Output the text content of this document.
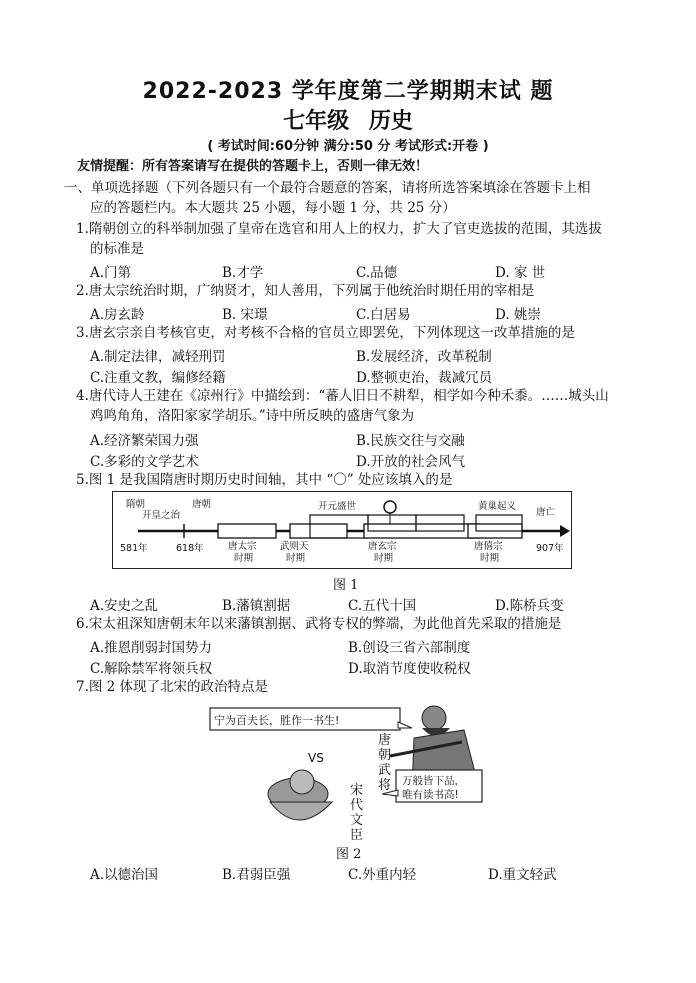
2022-2023 学年度第二学期期末试 题
七年级 历史
( 考试时间:60分钟 满分:50 分 考试形式:开卷 )
友情提醒：所有答案请写在提供的答题卡上，否则一律无效！
一、单项选择题（下列各题只有一个最符合题意的答案，请将所选答案填涂在答题卡上相
应的答题栏内。本大题共 25 小题，每小题 1 分，共 25 分）
1.隋朝创立的科举制加强了皇帝在选官和用人上的权力，扩大了官吏选拔的范围，其选拔
的标准是
A.门第	B.才学	C.品德	D. 家 世
2.唐太宗统治时期，广纳贤才，知人善用，下列属于他统治时期任用的宰相是
A.房玄龄	B. 宋璟	C.白居易	D. 姚崇
3.唐玄宗亲自考核官吏，对考核不合格的官员立即罢免，下列体现这一改革措施的是
A.制定法律，减轻刑罚	B.发展经济，改革税制
C.注重文教，编修经籍	D.整顿吏治，裁减冗员
4.唐代诗人王建在《凉州行》中描绘到：“蕃人旧日不耕犁，相学如今种禾黍。……城头山
鸡鸣角角，洛阳家家学胡乐。”诗中所反映的盛唐气象为
A.经济繁荣国力强	B.民族交往与交融
C.多彩的文学艺术	D.开放的社会风气
5.图 1 是我国隋唐时期历史时间轴，其中 “〇” 处应该填入的是
隋朝
开皇之治
唐朝	开元盛世	黄巢起义
唐亡
581年	618年	唐太宗
时期
武则天
时期
唐玄宗
时期
唐僖宗
时期
907年
图 1
A.安史之乱	B.藩镇割据	C.五代十国	D.陈桥兵变
6.宋太祖深知唐朝末年以来藩镇割据、武将专权的弊端，为此他首先采取的措施是
A.推恩削弱封国势力	B.创设三省六部制度
C.解除禁军将领兵权	D.取消节度使收税权
7.图 2 体现了北宋的政治特点是
宁为百夫长，胜作一书生!
唐
朝
武
将
VS
万般皆下品，
唯有读书高!
宋
代
文
臣
图 2
A.以德治国	B.君弱臣强	C.外重内轻	D.重文轻武
